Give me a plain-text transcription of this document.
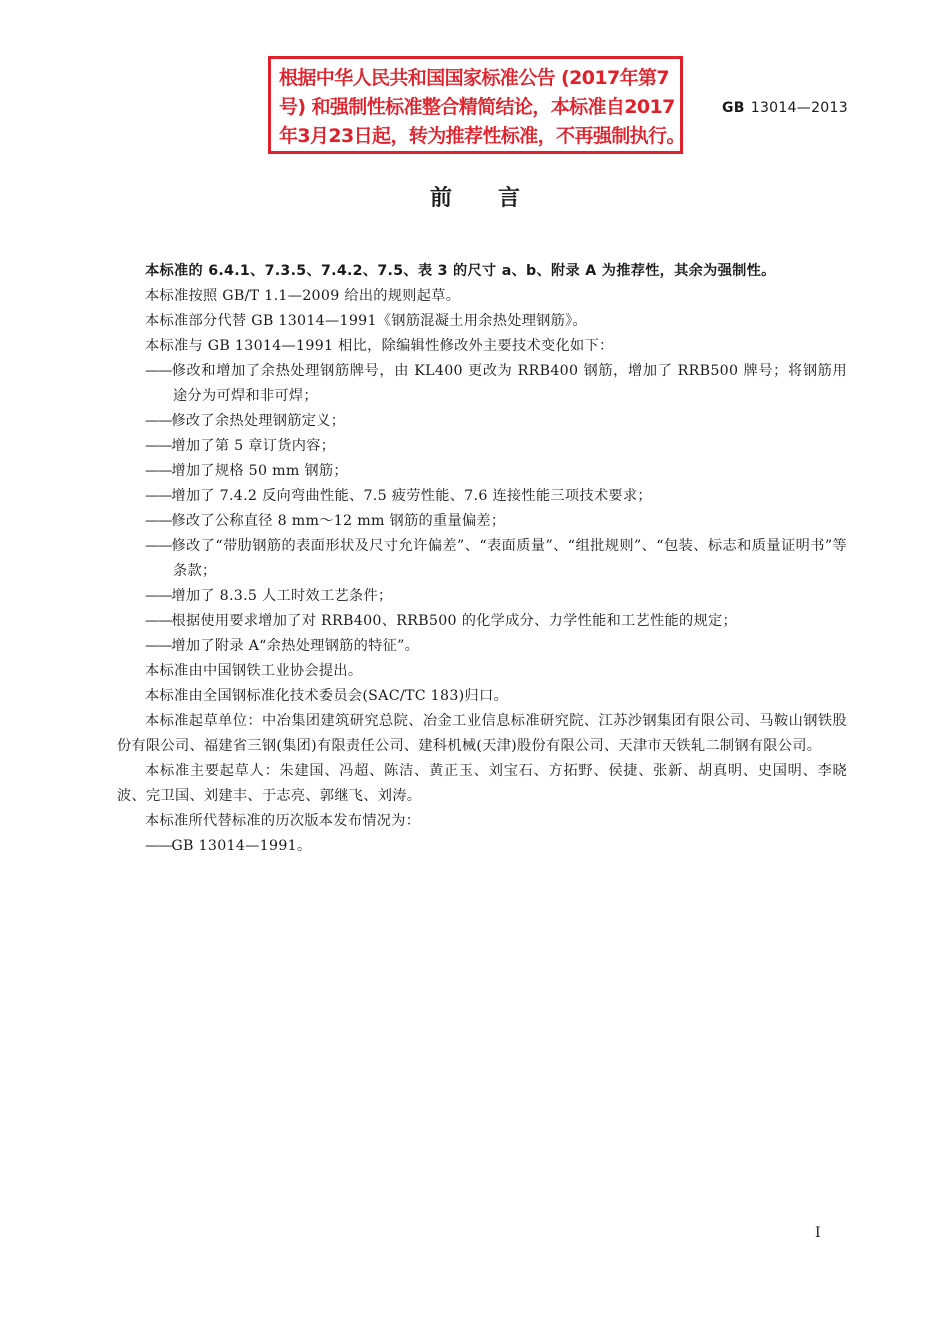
根据中华人民共和国国家标准公告 (2017年第7
号) 和强制性标准整合精简结论，本标准自2017
年3月23日起，转为推荐性标准，不再强制执行。
GB 13014—2013
前言
本标准的 6.4.1、7.3.5、7.4.2、7.5、表 3 的尺寸 a、b、附录 A 为推荐性，其余为强制性。
本标准按照 GB/T 1.1—2009 给出的规则起草。
本标准部分代替 GB 13014—1991《钢筋混凝土用余热处理钢筋》。
本标准与 GB 13014—1991 相比，除编辑性修改外主要技术变化如下：
——修改和增加了余热处理钢筋牌号，由 KL400 更改为 RRB400 钢筋，增加了 RRB500 牌号；将钢筋用途分为可焊和非可焊；
——修改了余热处理钢筋定义；
——增加了第 5 章订货内容；
——增加了规格 50 mm 钢筋；
——增加了 7.4.2 反向弯曲性能、7.5 疲劳性能、7.6 连接性能三项技术要求；
——修改了公称直径 8 mm～12 mm 钢筋的重量偏差；
——修改了“带肋钢筋的表面形状及尺寸允许偏差”、“表面质量”、“组批规则”、“包装、标志和质量证明书”等条款；
——增加了 8.3.5 人工时效工艺条件；
——根据使用要求增加了对 RRB400、RRB500 的化学成分、力学性能和工艺性能的规定；
——增加了附录 A“余热处理钢筋的特征”。
本标准由中国钢铁工业协会提出。
本标准由全国钢标准化技术委员会(SAC/TC 183)归口。
本标准起草单位：中冶集团建筑研究总院、冶金工业信息标准研究院、江苏沙钢集团有限公司、马鞍山钢铁股份有限公司、福建省三钢(集团)有限责任公司、建科机械(天津)股份有限公司、天津市天铁轧二制钢有限公司。
本标准主要起草人：朱建国、冯超、陈洁、黄正玉、刘宝石、方拓野、侯捷、张新、胡真明、史国明、李晓波、完卫国、刘建丰、于志亮、郭继飞、刘涛。
本标准所代替标准的历次版本发布情况为：
——GB 13014—1991。
I
